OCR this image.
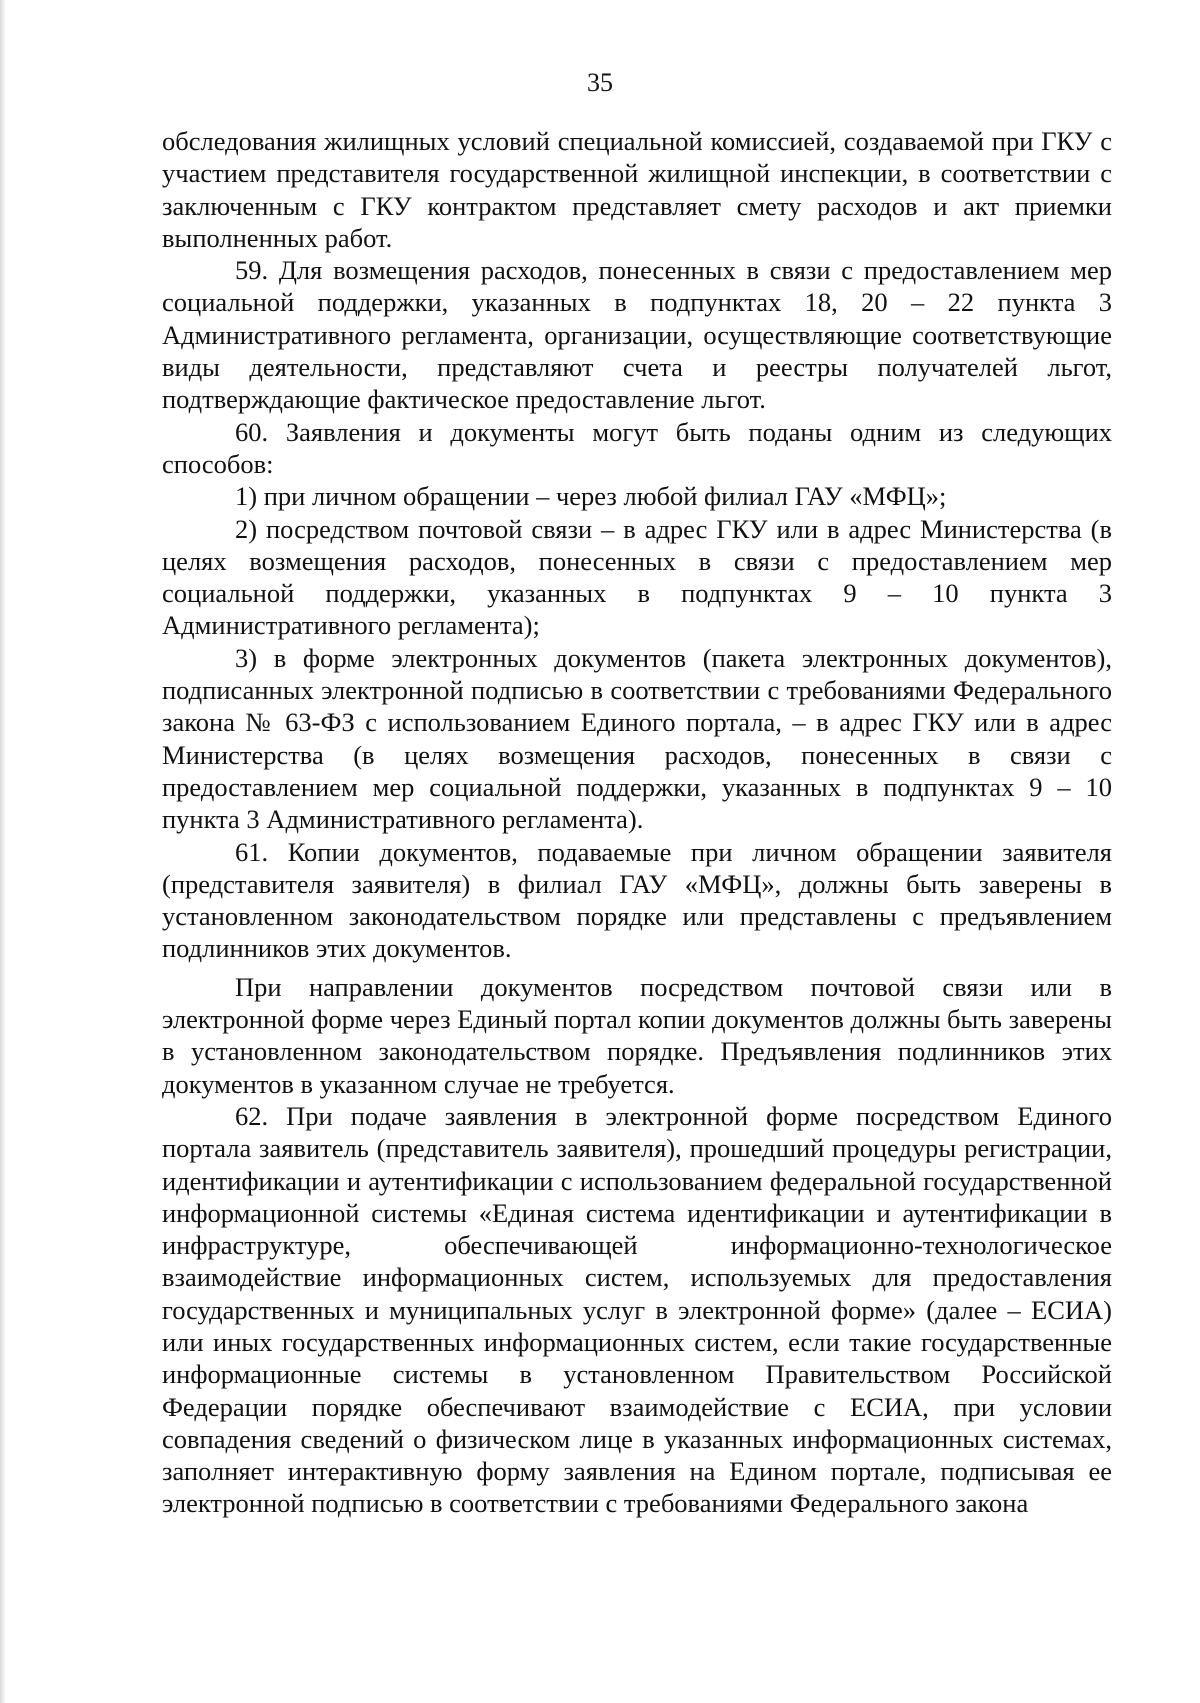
35

обследования жилищных условий специальной комиссией, создаваемой при ГКУ с участием представителя государственной жилищной инспекции, в соответствии с заключенным с ГКУ контрактом представляет смету расходов и акт приемки выполненных работ.

59. Для возмещения расходов, понесенных в связи с предоставлением мер социальной поддержки, указанных в подпунктах 18, 20 – 22 пункта 3 Административного регламента, организации, осуществляющие соответствующие виды деятельности, представляют счета и реестры получателей льгот, подтверждающие фактическое предоставление льгот.

60. Заявления и документы могут быть поданы одним из следующих способов:

1) при личном обращении – через любой филиал ГАУ «МФЦ»;

2) посредством почтовой связи – в адрес ГКУ или в адрес Министерства (в целях возмещения расходов, понесенных в связи с предоставлением мер социальной поддержки, указанных в подпунктах 9 – 10 пункта 3 Административного регламента);

3) в форме электронных документов (пакета электронных документов), подписанных электронной подписью в соответствии с требованиями Федерального закона № 63-ФЗ с использованием Единого портала, – в адрес ГКУ или в адрес Министерства (в целях возмещения расходов, понесенных в связи с предоставлением мер социальной поддержки, указанных в подпунктах 9 – 10 пункта 3 Административного регламента).

61. Копии документов, подаваемые при личном обращении заявителя (представителя заявителя) в филиал ГАУ «МФЦ», должны быть заверены в установленном законодательством порядке или представлены с предъявлением подлинников этих документов.

При направлении документов посредством почтовой связи или в электронной форме через Единый портал копии документов должны быть заверены в установленном законодательством порядке. Предъявления подлинников этих документов в указанном случае не требуется.

62. При подаче заявления в электронной форме посредством Единого портала заявитель (представитель заявителя), прошедший процедуры регистрации, идентификации и аутентификации с использованием федеральной государственной информационной системы «Единая система идентификации и аутентификации в инфраструктуре, обеспечивающей информационно-технологическое взаимодействие информационных систем, используемых для предоставления государственных и муниципальных услуг в электронной форме» (далее – ЕСИА) или иных государственных информационных систем, если такие государственные информационные системы в установленном Правительством Российской Федерации порядке обеспечивают взаимодействие с ЕСИА, при условии совпадения сведений о физическом лице в указанных информационных системах, заполняет интерактивную форму заявления на Едином портале, подписывая ее электронной подписью в соответствии с требованиями Федерального закона
